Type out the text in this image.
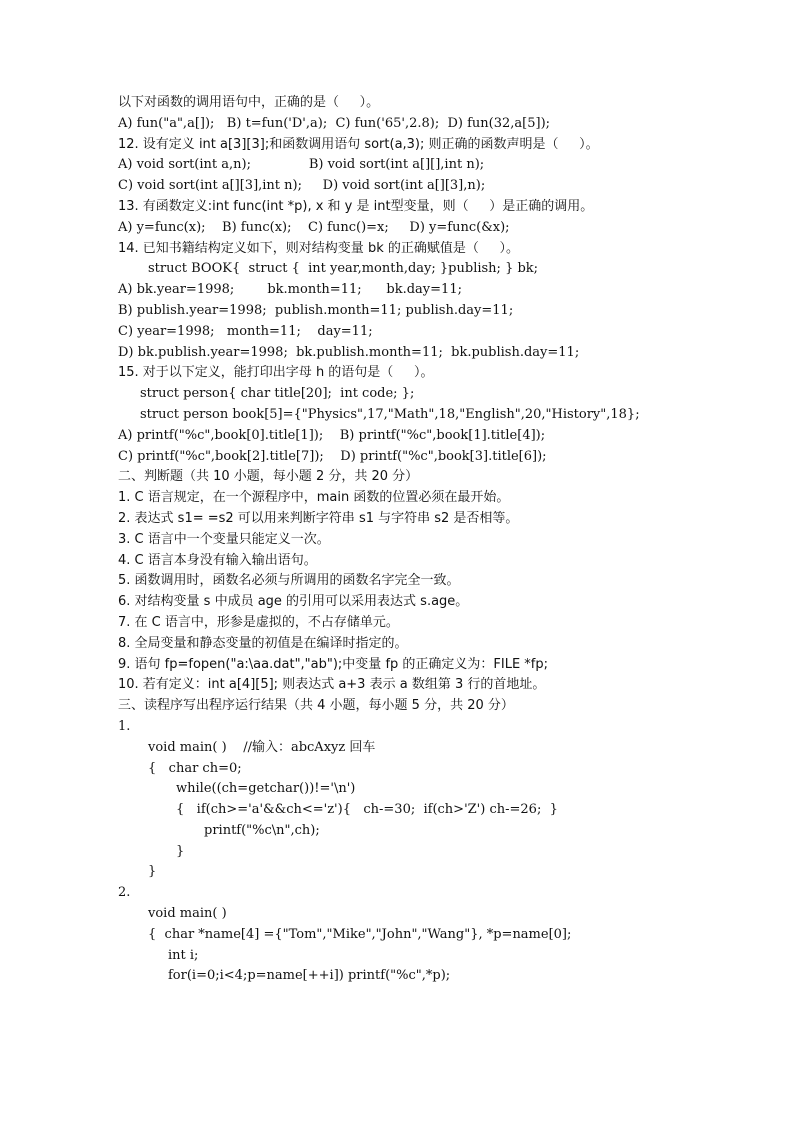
以下对函数的调用语句中，正确的是（     ）。
A) fun("a",a[]);   B) t=fun('D',a);  C) fun('65',2.8);  D) fun(32,a[5]);
12. 设有定义 int a[3][3];和函数调用语句 sort(a,3); 则正确的函数声明是（     ）。
A) void sort(int a,n);              B) void sort(int a[][],int n);
C) void sort(int a[][3],int n);     D) void sort(int a[][3],n);
13. 有函数定义:int func(int *p), x 和 y 是 int型变量，则（     ）是正确的调用。
A) y=func(x);    B) func(x);    C) func()=x;     D) y=func(&x);
14. 已知书籍结构定义如下，则对结构变量 bk 的正确赋值是（     ）。
struct BOOK{  struct {  int year,month,day; }publish; } bk;
A) bk.year=1998;        bk.month=11;      bk.day=11;
B) publish.year=1998;  publish.month=11; publish.day=11;
C) year=1998;   month=11;    day=11;
D) bk.publish.year=1998;  bk.publish.month=11;  bk.publish.day=11;
15. 对于以下定义，能打印出字母 h 的语句是（     ）。
struct person{ char title[20];  int code; };
struct person book[5]={"Physics",17,"Math",18,"English",20,"History",18};
A) printf("%c",book[0].title[1]);    B) printf("%c",book[1].title[4]);
C) printf("%c",book[2].title[7]);    D) printf("%c",book[3].title[6]);
二、判断题（共 10 小题，每小题 2 分，共 20 分）
1. C 语言规定，在一个源程序中，main 函数的位置必须在最开始。
2. 表达式 s1= =s2 可以用来判断字符串 s1 与字符串 s2 是否相等。
3. C 语言中一个变量只能定义一次。
4. C 语言本身没有输入输出语句。
5. 函数调用时，函数名必须与所调用的函数名字完全一致。
6. 对结构变量 s 中成员 age 的引用可以采用表达式 s.age。
7. 在 C 语言中，形参是虚拟的，不占存储单元。
8. 全局变量和静态变量的初值是在编译时指定的。
9. 语句 fp=fopen("a:\aa.dat","ab");中变量 fp 的正确定义为：FILE *fp;
10. 若有定义：int a[4][5]; 则表达式 a+3 表示 a 数组第 3 行的首地址。
三、读程序写出程序运行结果（共 4 小题，每小题 5 分，共 20 分）
1.
void main( )    //输入：abcAxyz 回车
{   char ch=0;
while((ch=getchar())!='\n')
{   if(ch>='a'&&ch<='z'){   ch-=30;  if(ch>'Z') ch-=26;  }
printf("%c\n",ch);
}
}
2.
void main( )
{  char *name[4] ={"Tom","Mike","John","Wang"}, *p=name[0];
int i;
for(i=0;i<4;p=name[++i]) printf("%c",*p);
